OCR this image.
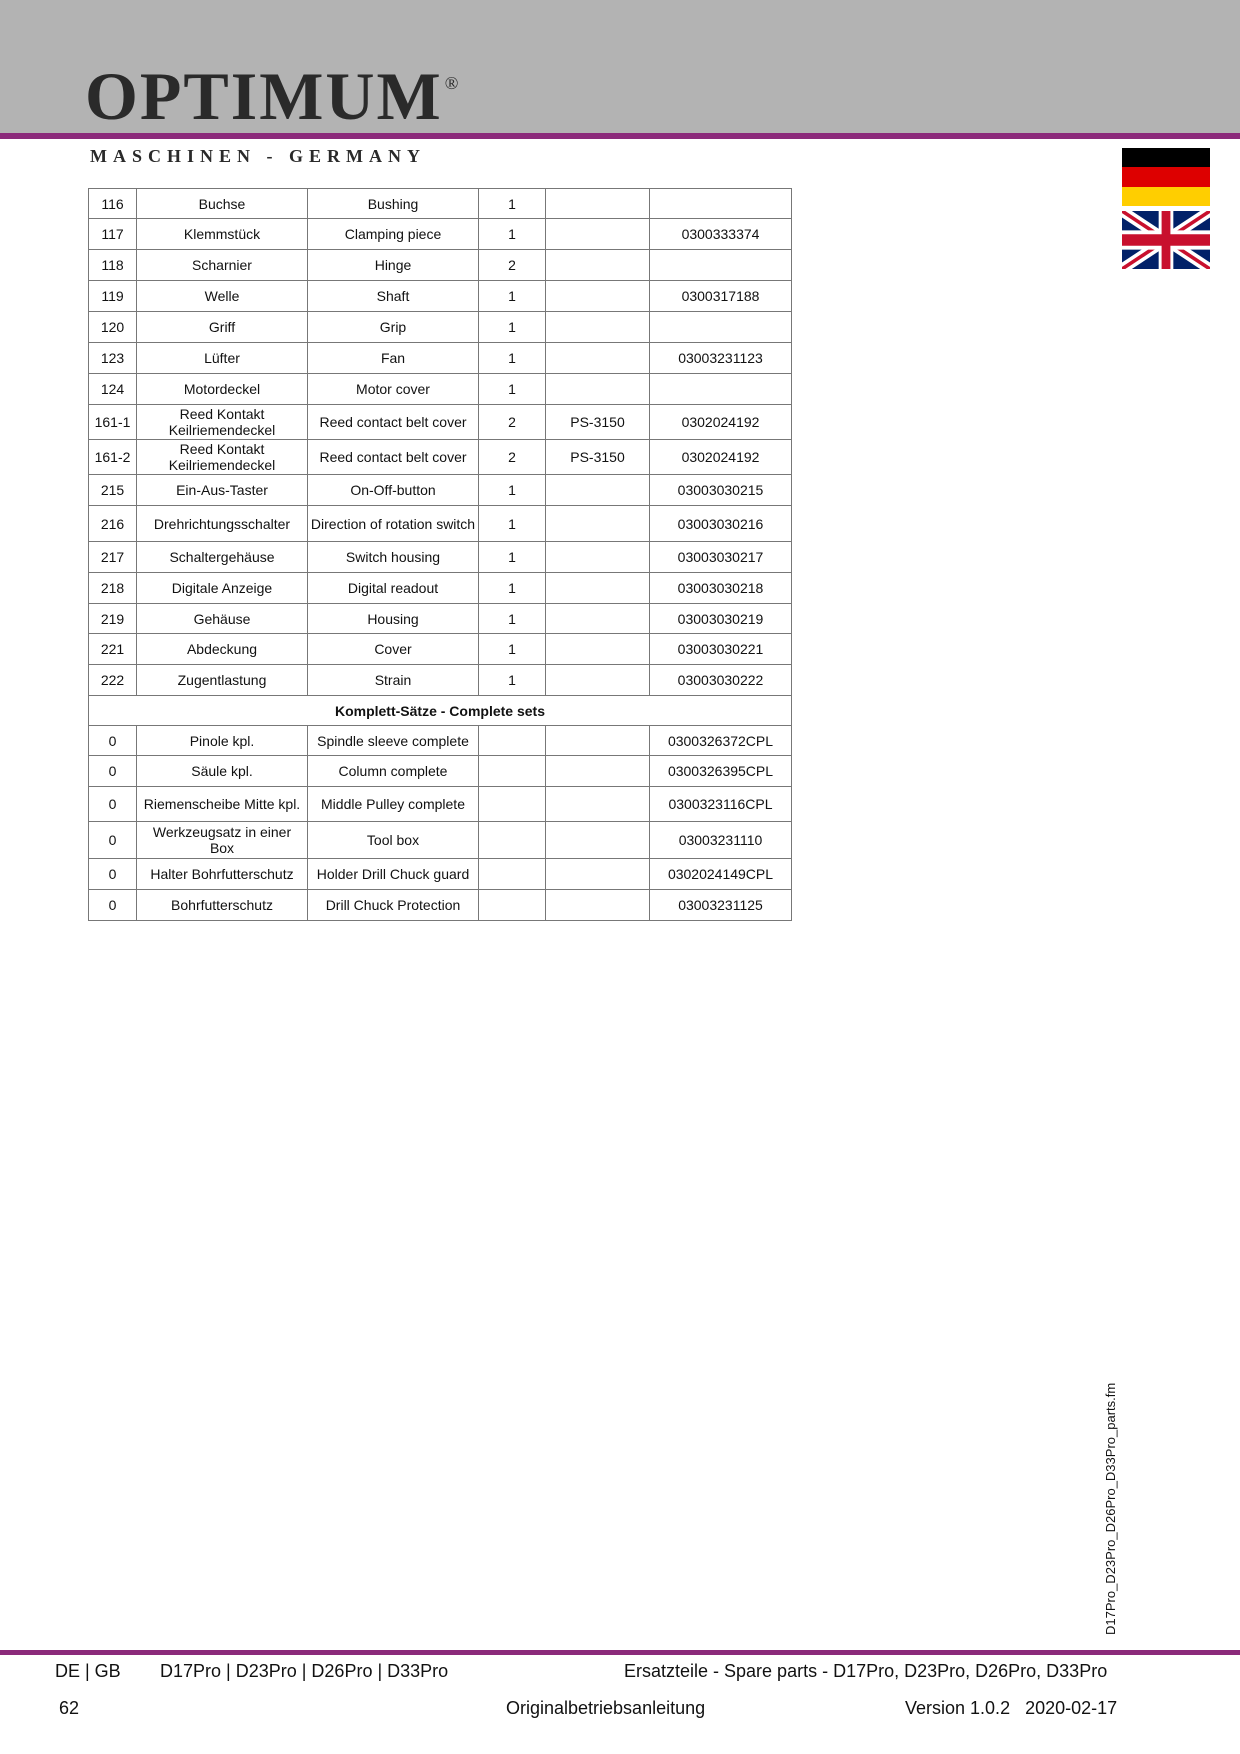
OPTIMUM ®
MASCHINEN - GERMANY
116	Buchse	Bushing	1		
117	Klemmstück	Clamping piece	1		0300333374
118	Scharnier	Hinge	2		
119	Welle	Shaft	1		0300317188
120	Griff	Grip	1		
123	Lüfter	Fan	1		03003231123
124	Motordeckel	Motor cover	1		
161-1	Reed Kontakt Keilriemendeckel	Reed contact belt cover	2	PS-3150	0302024192
161-2	Reed Kontakt Keilriemendeckel	Reed contact belt cover	2	PS-3150	0302024192
215	Ein-Aus-Taster	On-Off-button	1		03003030215
216	Drehrichtungsschalter	Direction of rotation switch	1		03003030216
217	Schaltergehäuse	Switch housing	1		03003030217
218	Digitale Anzeige	Digital readout	1		03003030218
219	Gehäuse	Housing	1		03003030219
221	Abdeckung	Cover	1		03003030221
222	Zugentlastung	Strain	1		03003030222
Komplett-Sätze - Complete sets					
0	Pinole kpl.	Spindle sleeve complete			0300326372CPL
0	Säule kpl.	Column complete			0300326395CPL
0	Riemenscheibe Mitte kpl.	Middle Pulley complete			0300323116CPL
0	Werkzeugsatz in einer Box	Tool box			03003231110
0	Halter Bohrfutterschutz	Holder Drill Chuck guard			0302024149CPL
0	Bohrfutterschutz	Drill Chuck Protection			03003231125
D17Pro_D23Pro_D26Pro_D33Pro_parts.fm
DE | GB D17Pro | D23Pro | D26Pro | D33Pro	Ersatzteile - Spare parts - D17Pro, D23Pro, D26Pro, D33Pro
62	Originalbetriebsanleitung	Version 1.0.2   2020-02-17
